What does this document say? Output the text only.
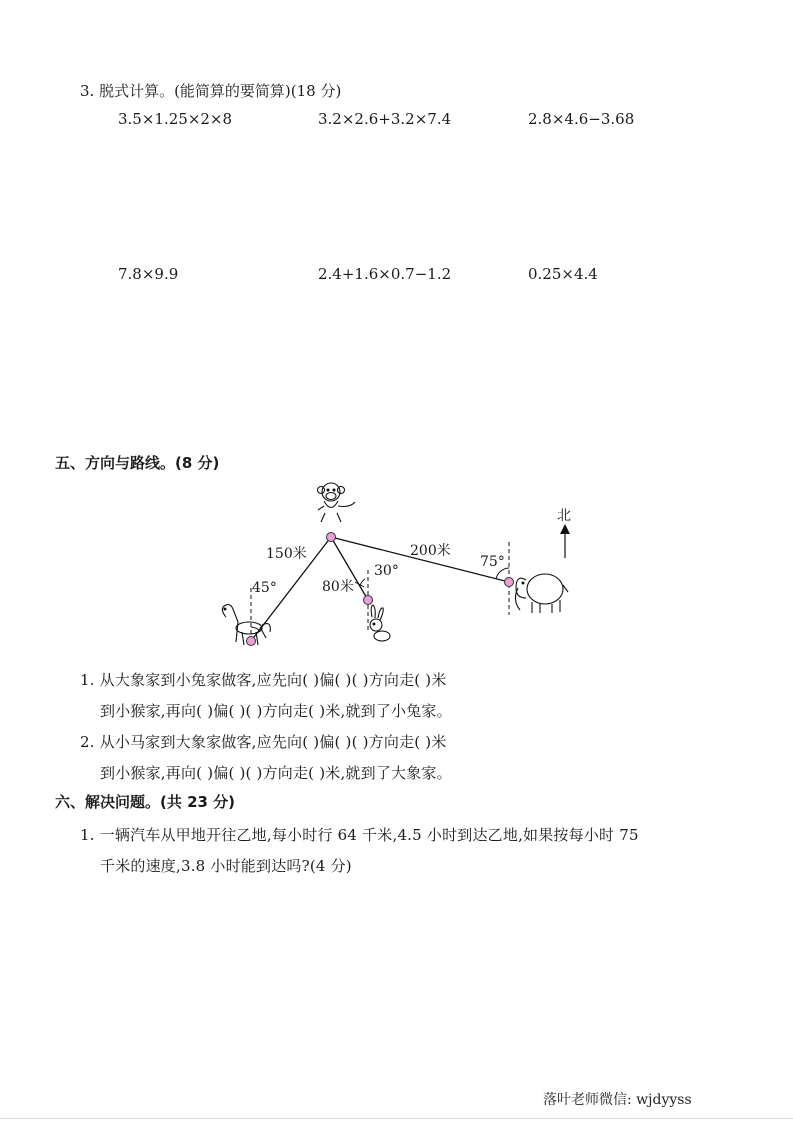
3. 脱式计算。(能简算的要简算)(18 分)
3.5×1.25×2×8	3.2×2.6+3.2×7.4	2.8×4.6−3.68
7.8×9.9	2.4+1.6×0.7−1.2	0.25×4.4
五、方向与路线。(8 分)
北
150米	200米
80米
45°
30°
75°
1. 从大象家到小兔家做客,应先向( )偏( )( )方向走( )米
到小猴家,再向( )偏( )( )方向走( )米,就到了小兔家。
2. 从小马家到大象家做客,应先向( )偏( )( )方向走( )米
到小猴家,再向( )偏( )( )方向走( )米,就到了大象家。
六、解决问题。(共 23 分)
1. 一辆汽车从甲地开往乙地,每小时行 64 千米,4.5 小时到达乙地,如果按每小时 75
千米的速度,3.8 小时能到达吗?(4 分)
落叶老师微信: wjdyyss
